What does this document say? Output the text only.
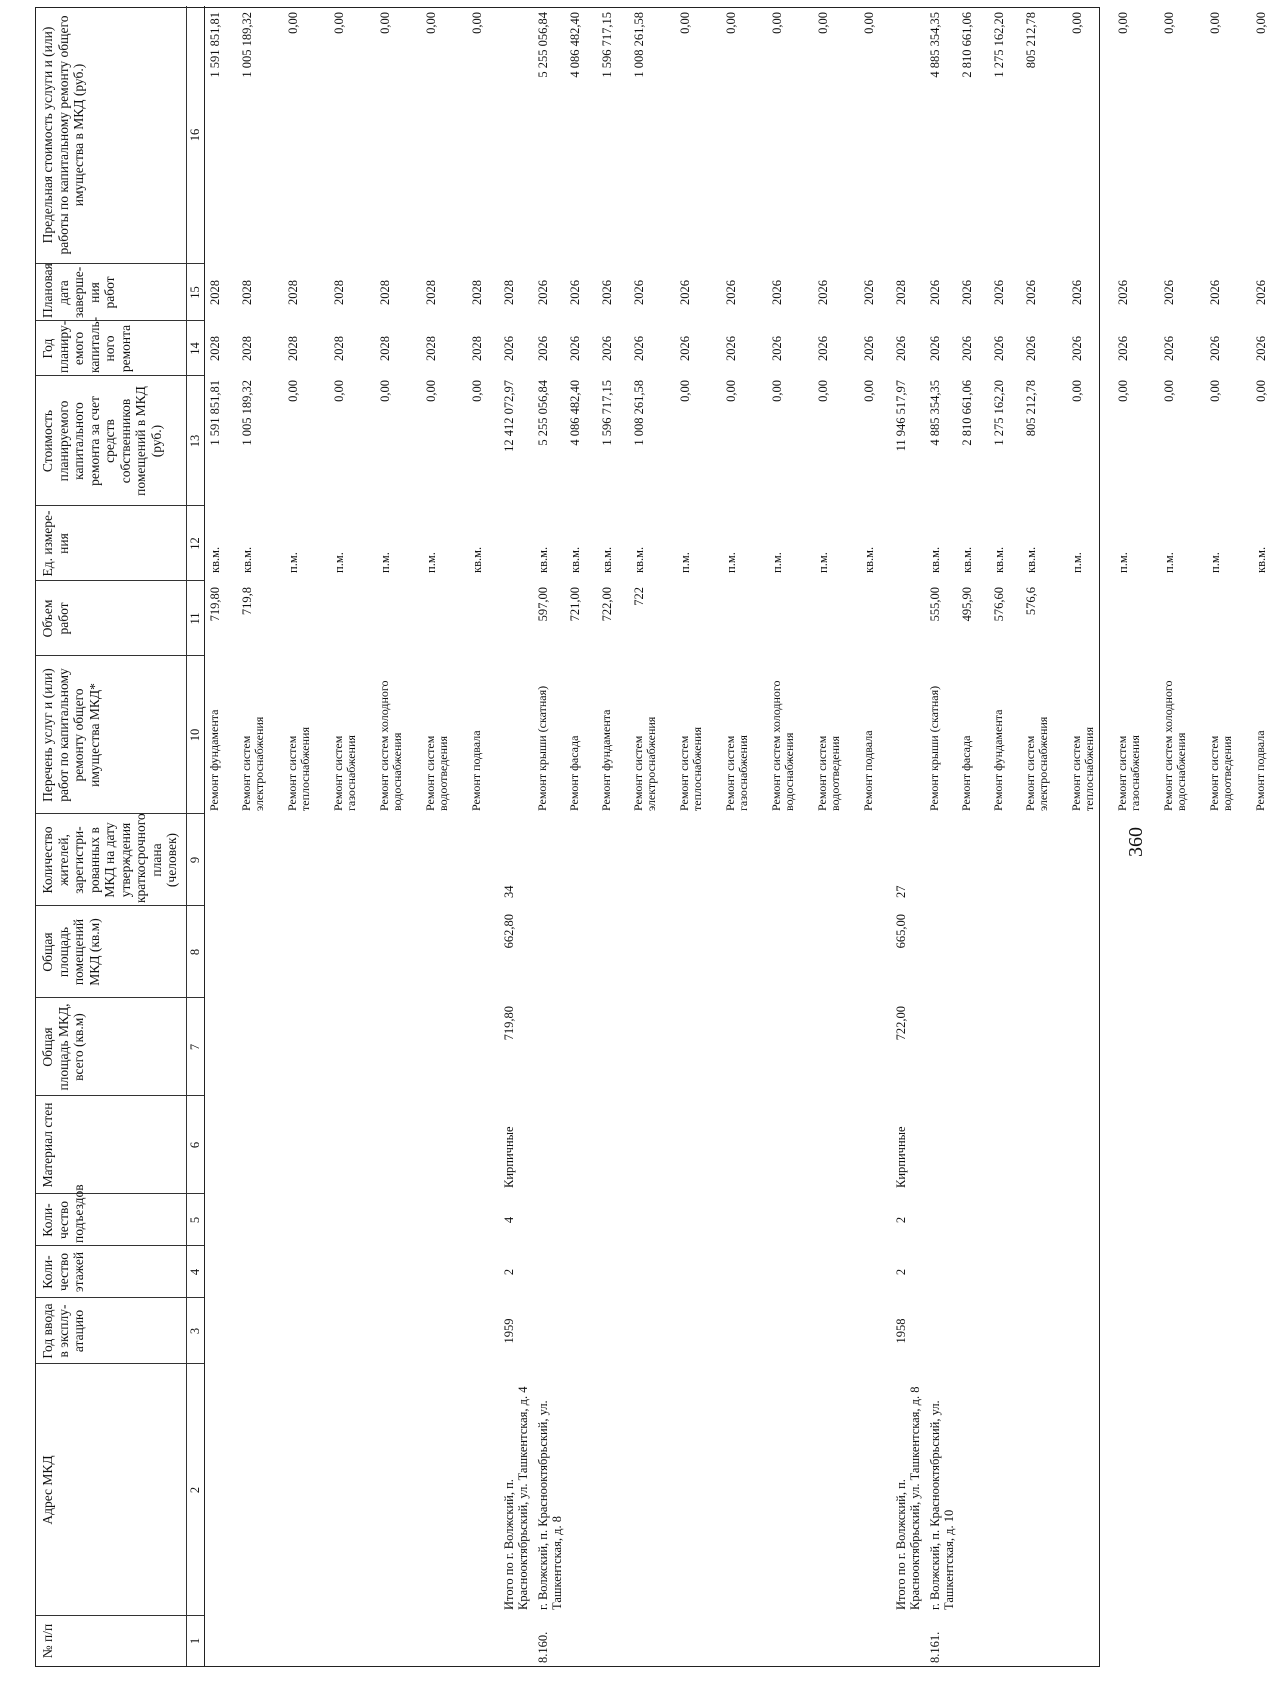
360
№ п/п
Адрес МКД
Год ввода в эксплу-атацию
Коли-чество этажей
Коли-чество подъездов
Материал стен
Общая площадь МКД, всего (кв.м)
Общая площадь помещений МКД (кв.м)
Количество жителей, зарегистри-рованных в МКД на дату утверждения краткосрочного плана (человек)
Перечень услуг и (или) работ по капитальному ремонту общего имущества МКД*
Объем работ
Ед. измере-ния
Стоимость планируемого капитального ремонта за счет средств собственников помещений в МКД (руб.)
Год планиру-емого капиталь-ного ремонта
Плановая дата заверше-ния работ
Предельная стоимость услуги и (или) работы по капитальному ремонту общего имущества в МКД (руб.)
1
2
3
4
5
6
7
8
9
10
11
12
13
14
15
16
Ремонт фундамента
719,80
кв.м.
1 591 851,81
2028
2028
1 591 851,81
Ремонт систем электроснабжения
719,8
кв.м.
1 005 189,32
2028
2028
1 005 189,32
Ремонт систем теплоснабжения
п.м.
0,00
2028
2028
0,00
Ремонт систем газоснабжения
п.м.
0,00
2028
2028
0,00
Ремонт систем холодного водоснабжения
п.м.
0,00
2028
2028
0,00
Ремонт систем водоотведения
п.м.
0,00
2028
2028
0,00
Ремонт подвала
кв.м.
0,00
2028
2028
0,00
Итого по г. Волжский, п. Краснооктябрьский, ул. Ташкентская, д. 4
1959
2
4
Кирпичные
719,80
662,80
34
12 412 072,97
2026
2028
8.160.
г. Волжский, п. Краснооктябрьский, ул. Ташкентская, д. 8
Ремонт крыши (скатная)
597,00
кв.м.
5 255 056,84
2026
2026
5 255 056,84
Ремонт фасада
721,00
кв.м.
4 086 482,40
2026
2026
4 086 482,40
Ремонт фундамента
722,00
кв.м.
1 596 717,15
2026
2026
1 596 717,15
Ремонт систем электроснабжения
722
кв.м.
1 008 261,58
2026
2026
1 008 261,58
Ремонт систем теплоснабжения
п.м.
0,00
2026
2026
0,00
Ремонт систем газоснабжения
п.м.
0,00
2026
2026
0,00
Ремонт систем холодного водоснабжения
п.м.
0,00
2026
2026
0,00
Ремонт систем водоотведения
п.м.
0,00
2026
2026
0,00
Ремонт подвала
кв.м.
0,00
2026
2026
0,00
Итого по г. Волжский, п. Краснооктябрьский, ул. Ташкентская, д. 8
1958
2
2
Кирпичные
722,00
665,00
27
11 946 517,97
2026
2028
8.161.
г. Волжский, п. Краснооктябрьский, ул. Ташкентская, д. 10
Ремонт крыши (скатная)
555,00
кв.м.
4 885 354,35
2026
2026
4 885 354,35
Ремонт фасада
495,90
кв.м.
2 810 661,06
2026
2026
2 810 661,06
Ремонт фундамента
576,60
кв.м.
1 275 162,20
2026
2026
1 275 162,20
Ремонт систем электроснабжения
576,6
кв.м.
805 212,78
2026
2026
805 212,78
Ремонт систем теплоснабжения
п.м.
0,00
2026
2026
0,00
Ремонт систем газоснабжения
п.м.
0,00
2026
2026
0,00
Ремонт систем холодного водоснабжения
п.м.
0,00
2026
2026
0,00
Ремонт систем водоотведения
п.м.
0,00
2026
2026
0,00
Ремонт подвала
кв.м.
0,00
2026
2026
0,00
